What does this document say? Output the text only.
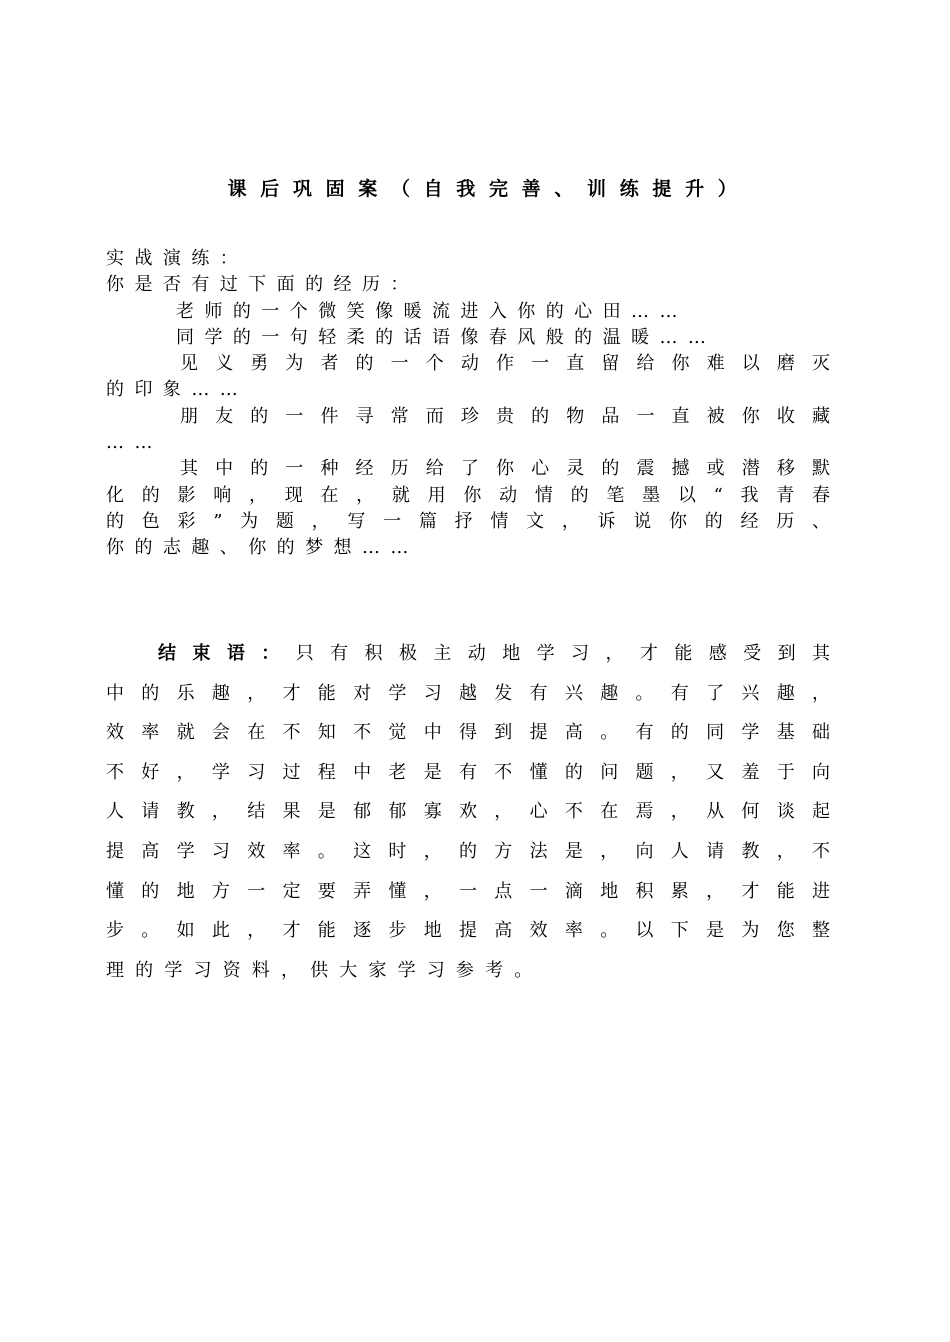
课后巩固案（自我完善、训练提升）
实战演练：
你是否有过下面的经历：
老师的一个微笑像暖流进入你的心田……
同学的一句轻柔的话语像春风般的温暖……
见义勇为者的一个动作一直留给你难以磨灭
的印象……
朋友的一件寻常而珍贵的物品一直被你收藏
……
其中的一种经历给了你心灵的震撼或潜移默
化的影响，现在，就用你动情的笔墨以“我青春
的色彩”为题，写一篇抒情文，诉说你的经历、
你的志趣、你的梦想……
结束语：只有积极主动地学习，才能感受到其
中的乐趣，才能对学习越发有兴趣。有了兴趣，
效率就会在不知不觉中得到提高。有的同学基础
不好，学习过程中老是有不懂的问题，又羞于向
人请教，结果是郁郁寡欢，心不在焉，从何谈起
提高学习效率。这时，的方法是，向人请教，不
懂的地方一定要弄懂，一点一滴地积累，才能进
步。如此，才能逐步地提高效率。以下是为您整
理的学习资料，供大家学习参考。
